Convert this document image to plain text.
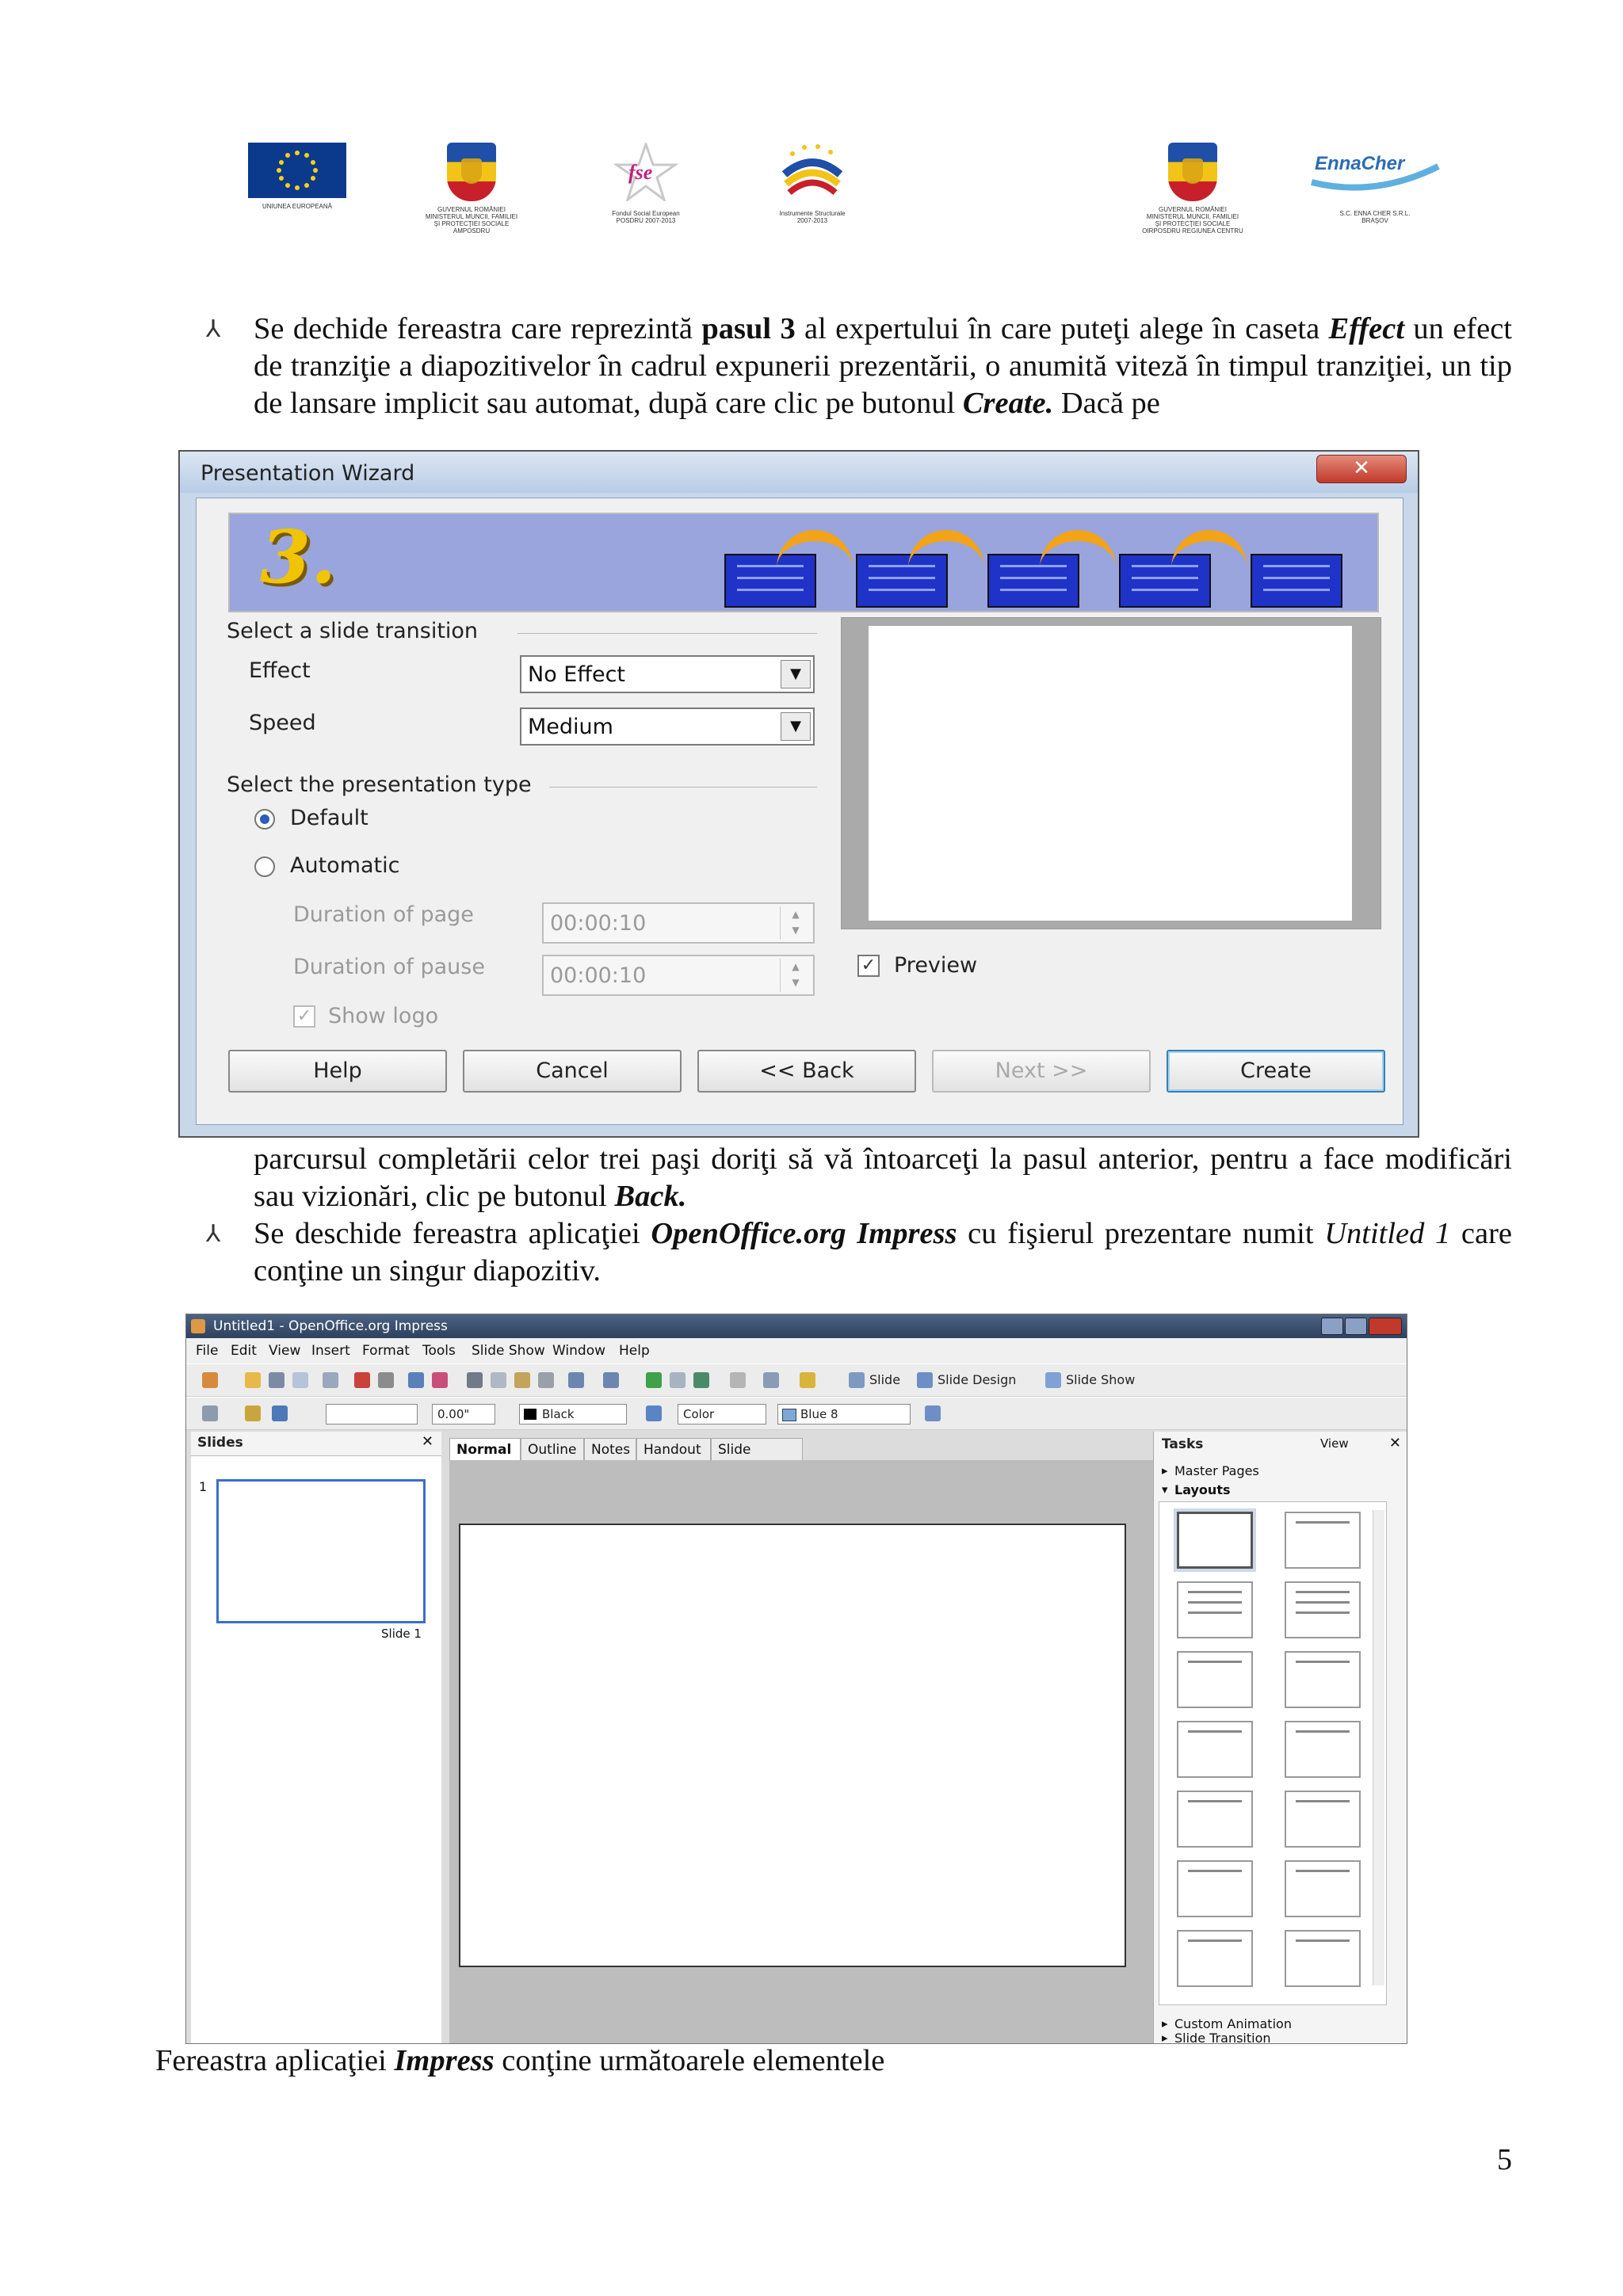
UNIUNEA EUROPEANĂ	GUVERNUL ROMÂNIEI
MINISTERUL MUNCII, FAMILIEI
ŞI PROTECŢIEI SOCIALE
AMPOSDRU
fse
Fondul Social European
POSDRU 2007-2013
Instrumente Structurale
2007-2013
GUVERNUL ROMÂNIEI
MINISTERUL MUNCII, FAMILIEI
ŞI PROTECŢIEI SOCIALE
OIRPOSDRU REGIUNEA CENTRU
EnnaCher
S.C. ENNA CHER S.R.L.
BRAŞOV
⅄ Se dechide fereastra care reprezintă pasul 3 al expertului în care puteţi alege în caseta Effect un efect de tranziţie a diapozitivelor în cadrul expunerii prezentării, o anumită viteză în timpul tranziţiei, un tip de lansare implicit sau automat, după care clic pe butonul Create. Dacă pe
Presentation Wizard	✕
3.
Select a slide transition
Effect	No Effect	▼
Speed	Medium	▼
Select the presentation type
Default
Automatic
Duration of page	00:00:10	▲
▼
Duration of pause	00:00:10	▲
▼
✓ Show logo
✓ Preview
Help	Cancel	<< Back	Next >>	Create
parcursul completării celor trei paşi doriţi să vă întoarceţi la pasul anterior, pentru a face modificări sau vizionări, clic pe butonul Back.
⅄ Se deschide fereastra aplicaţiei OpenOffice.org Impress cu fişierul prezentare numit Untitled 1 care conţine un singur diapozitiv.
Untitled1 - OpenOffice.org Impress
File Edit View Insert Format Tools Slide Show Window Help
Slide	Slide Design	Slide Show
0.00"	Black	Color	Blue 8
Slides	✕
1
Slide 1
Normal	Outline	Notes Handout	Slide	Tasks	View	✕
▸ Master Pages
▾ Layouts
▸ Custom Animation
▸ Slide Transition
Fereastra aplicaţiei Impress conţine următoarele elementele
5
